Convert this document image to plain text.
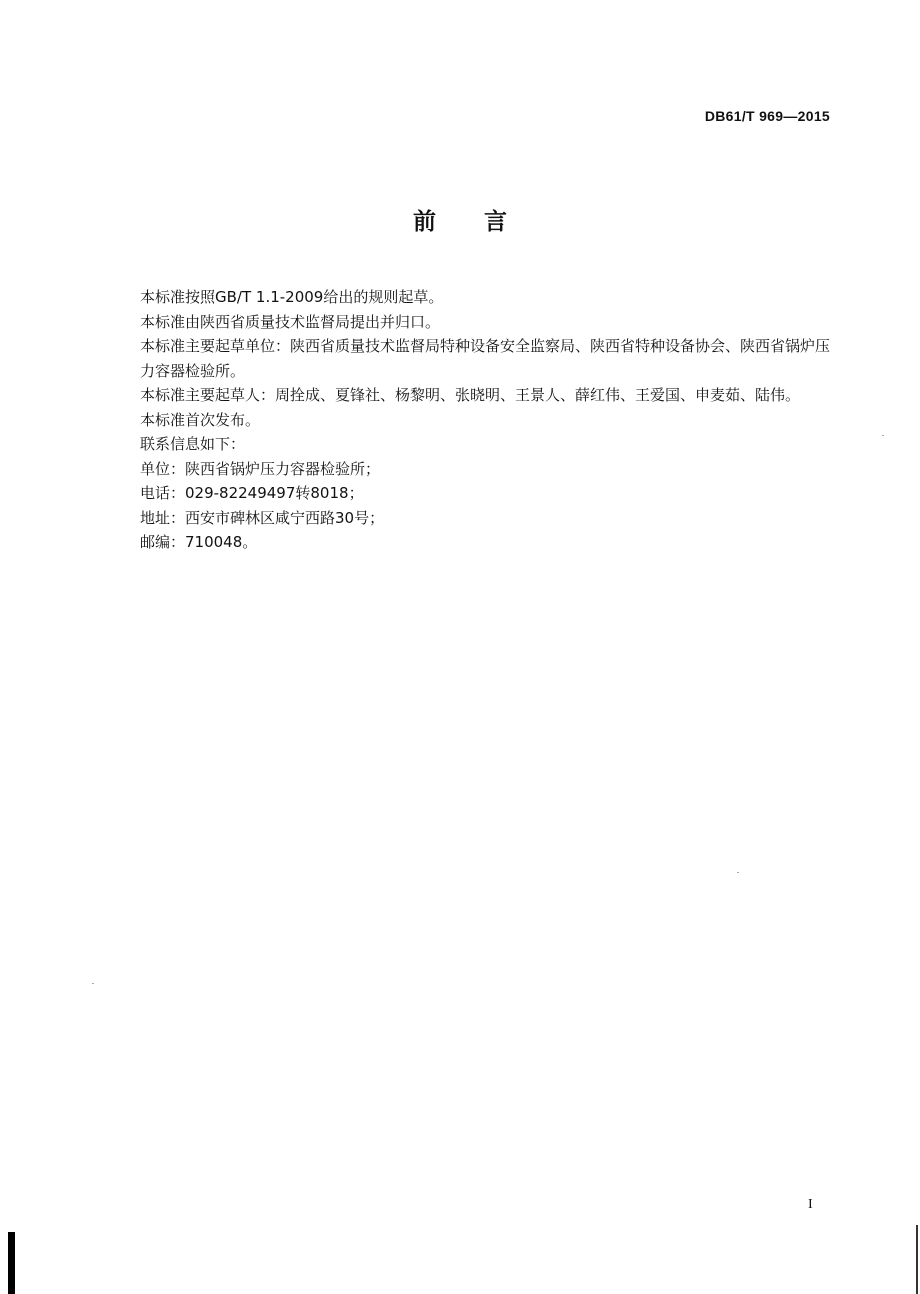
DB61/T 969—2015
前言

本标准按照GB/T 1.1-2009给出的规则起草。

本标准由陕西省质量技术监督局提出并归口。

本标准主要起草单位：陕西省质量技术监督局特种设备安全监察局、陕西省特种设备协会、陕西省锅炉压力容器检验所。

本标准主要起草人：周拴成、夏锋社、杨黎明、张晓明、王景人、薛红伟、王爱国、申麦茹、陆伟。

本标准首次发布。

联系信息如下：

单位：陕西省锅炉压力容器检验所；

电话：029-82249497转8018；

地址：西安市碑林区咸宁西路30号；

邮编：710048。

I
